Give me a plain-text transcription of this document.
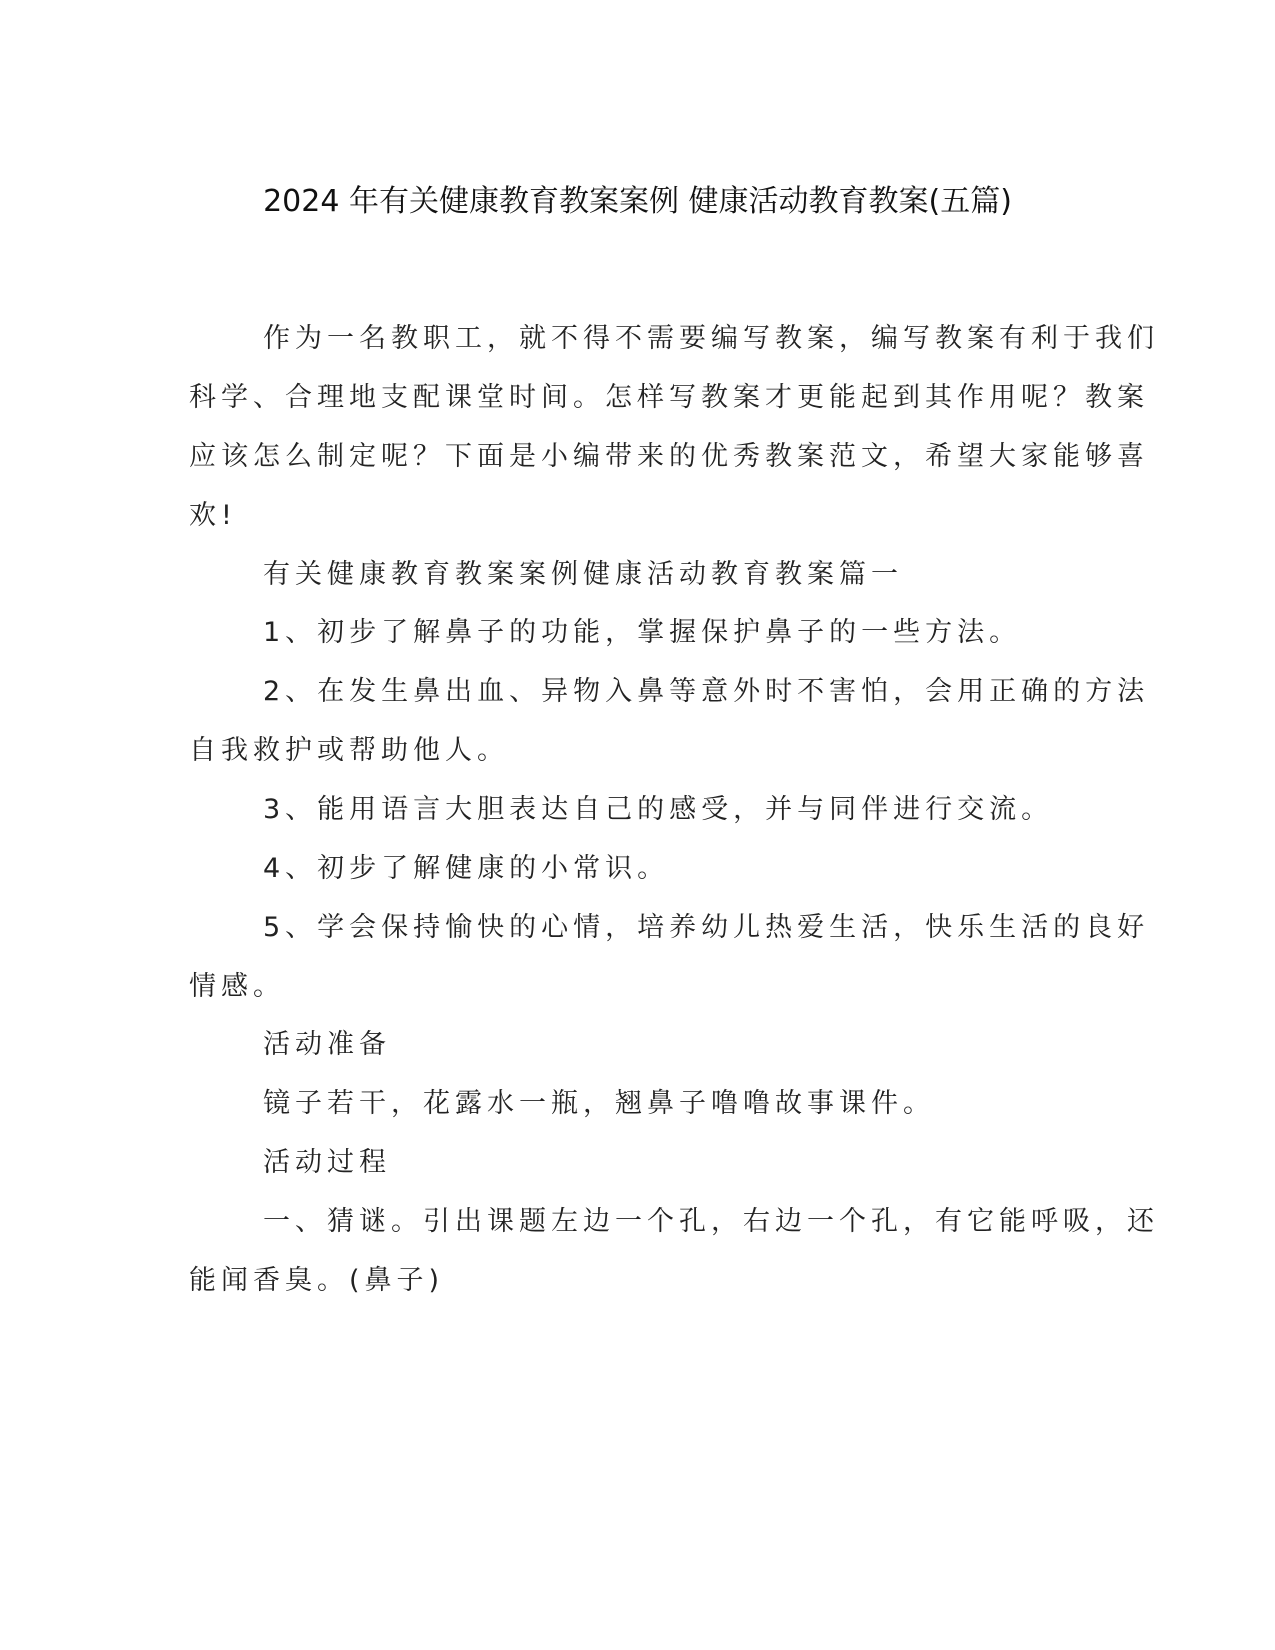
2024 年有关健康教育教案案例 健康活动教育教案(五篇)
作为一名教职工，就不得不需要编写教案，编写教案有利于我们
科学、合理地支配课堂时间。怎样写教案才更能起到其作用呢？教案
应该怎么制定呢？下面是小编带来的优秀教案范文，希望大家能够喜
欢!
有关健康教育教案案例健康活动教育教案篇一
1、初步了解鼻子的功能，掌握保护鼻子的一些方法。
2、在发生鼻出血、异物入鼻等意外时不害怕，会用正确的方法
自我救护或帮助他人。
3、能用语言大胆表达自己的感受，并与同伴进行交流。
4、初步了解健康的小常识。
5、学会保持愉快的心情，培养幼儿热爱生活，快乐生活的良好
情感。
活动准备
镜子若干，花露水一瓶，翘鼻子噜噜故事课件。
活动过程
一、猜谜。引出课题左边一个孔，右边一个孔，有它能呼吸，还
能闻香臭。(鼻子)
